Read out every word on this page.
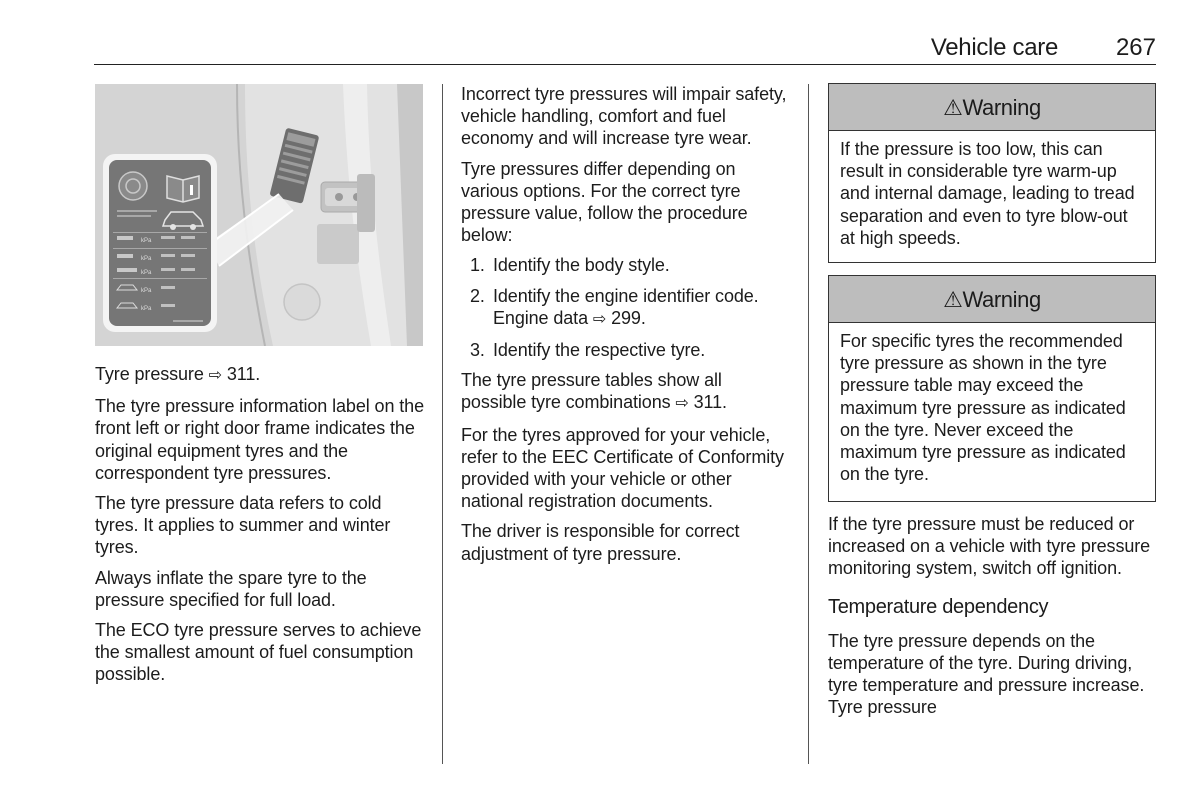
Vehicle care 267
kPa
kPa
kPa
kPa
kPa

Tyre pressure ⇨ 311.

The tyre pressure information label on the front left or right door frame indicates the original equipment tyres and the correspondent tyre pressures.

The tyre pressure data refers to cold tyres. It applies to summer and winter tyres.

Always inflate the spare tyre to the pressure specified for full load.

The ECO tyre pressure serves to achieve the smallest amount of fuel consumption possible.

Incorrect tyre pressures will impair safety, vehicle handling, comfort and fuel economy and will increase tyre wear.

Tyre pressures differ depending on various options. For the correct tyre pressure value, follow the procedure below:

1. Identify the body style.
2. Identify the engine identifier code. Engine data ⇨ 299.
3. Identify the respective tyre.

The tyre pressure tables show all possible tyre combinations ⇨ 311.

For the tyres approved for your vehicle, refer to the EEC Certificate of Conformity provided with your vehicle or other national registration documents.

The driver is responsible for correct adjustment of tyre pressure.

⚠Warning
If the pressure is too low, this can result in considerable tyre warm-up and internal damage, leading to tread separation and even to tyre blow-out at high speeds.
⚠Warning
For specific tyres the recommended tyre pressure as shown in the tyre pressure table may exceed the maximum tyre pressure as indicated on the tyre. Never exceed the maximum tyre pressure as indicated on the tyre.

If the tyre pressure must be reduced or increased on a vehicle with tyre pressure monitoring system, switch off ignition.

Temperature dependency

The tyre pressure depends on the temperature of the tyre. During driving, tyre temperature and pressure increase. Tyre pressure
